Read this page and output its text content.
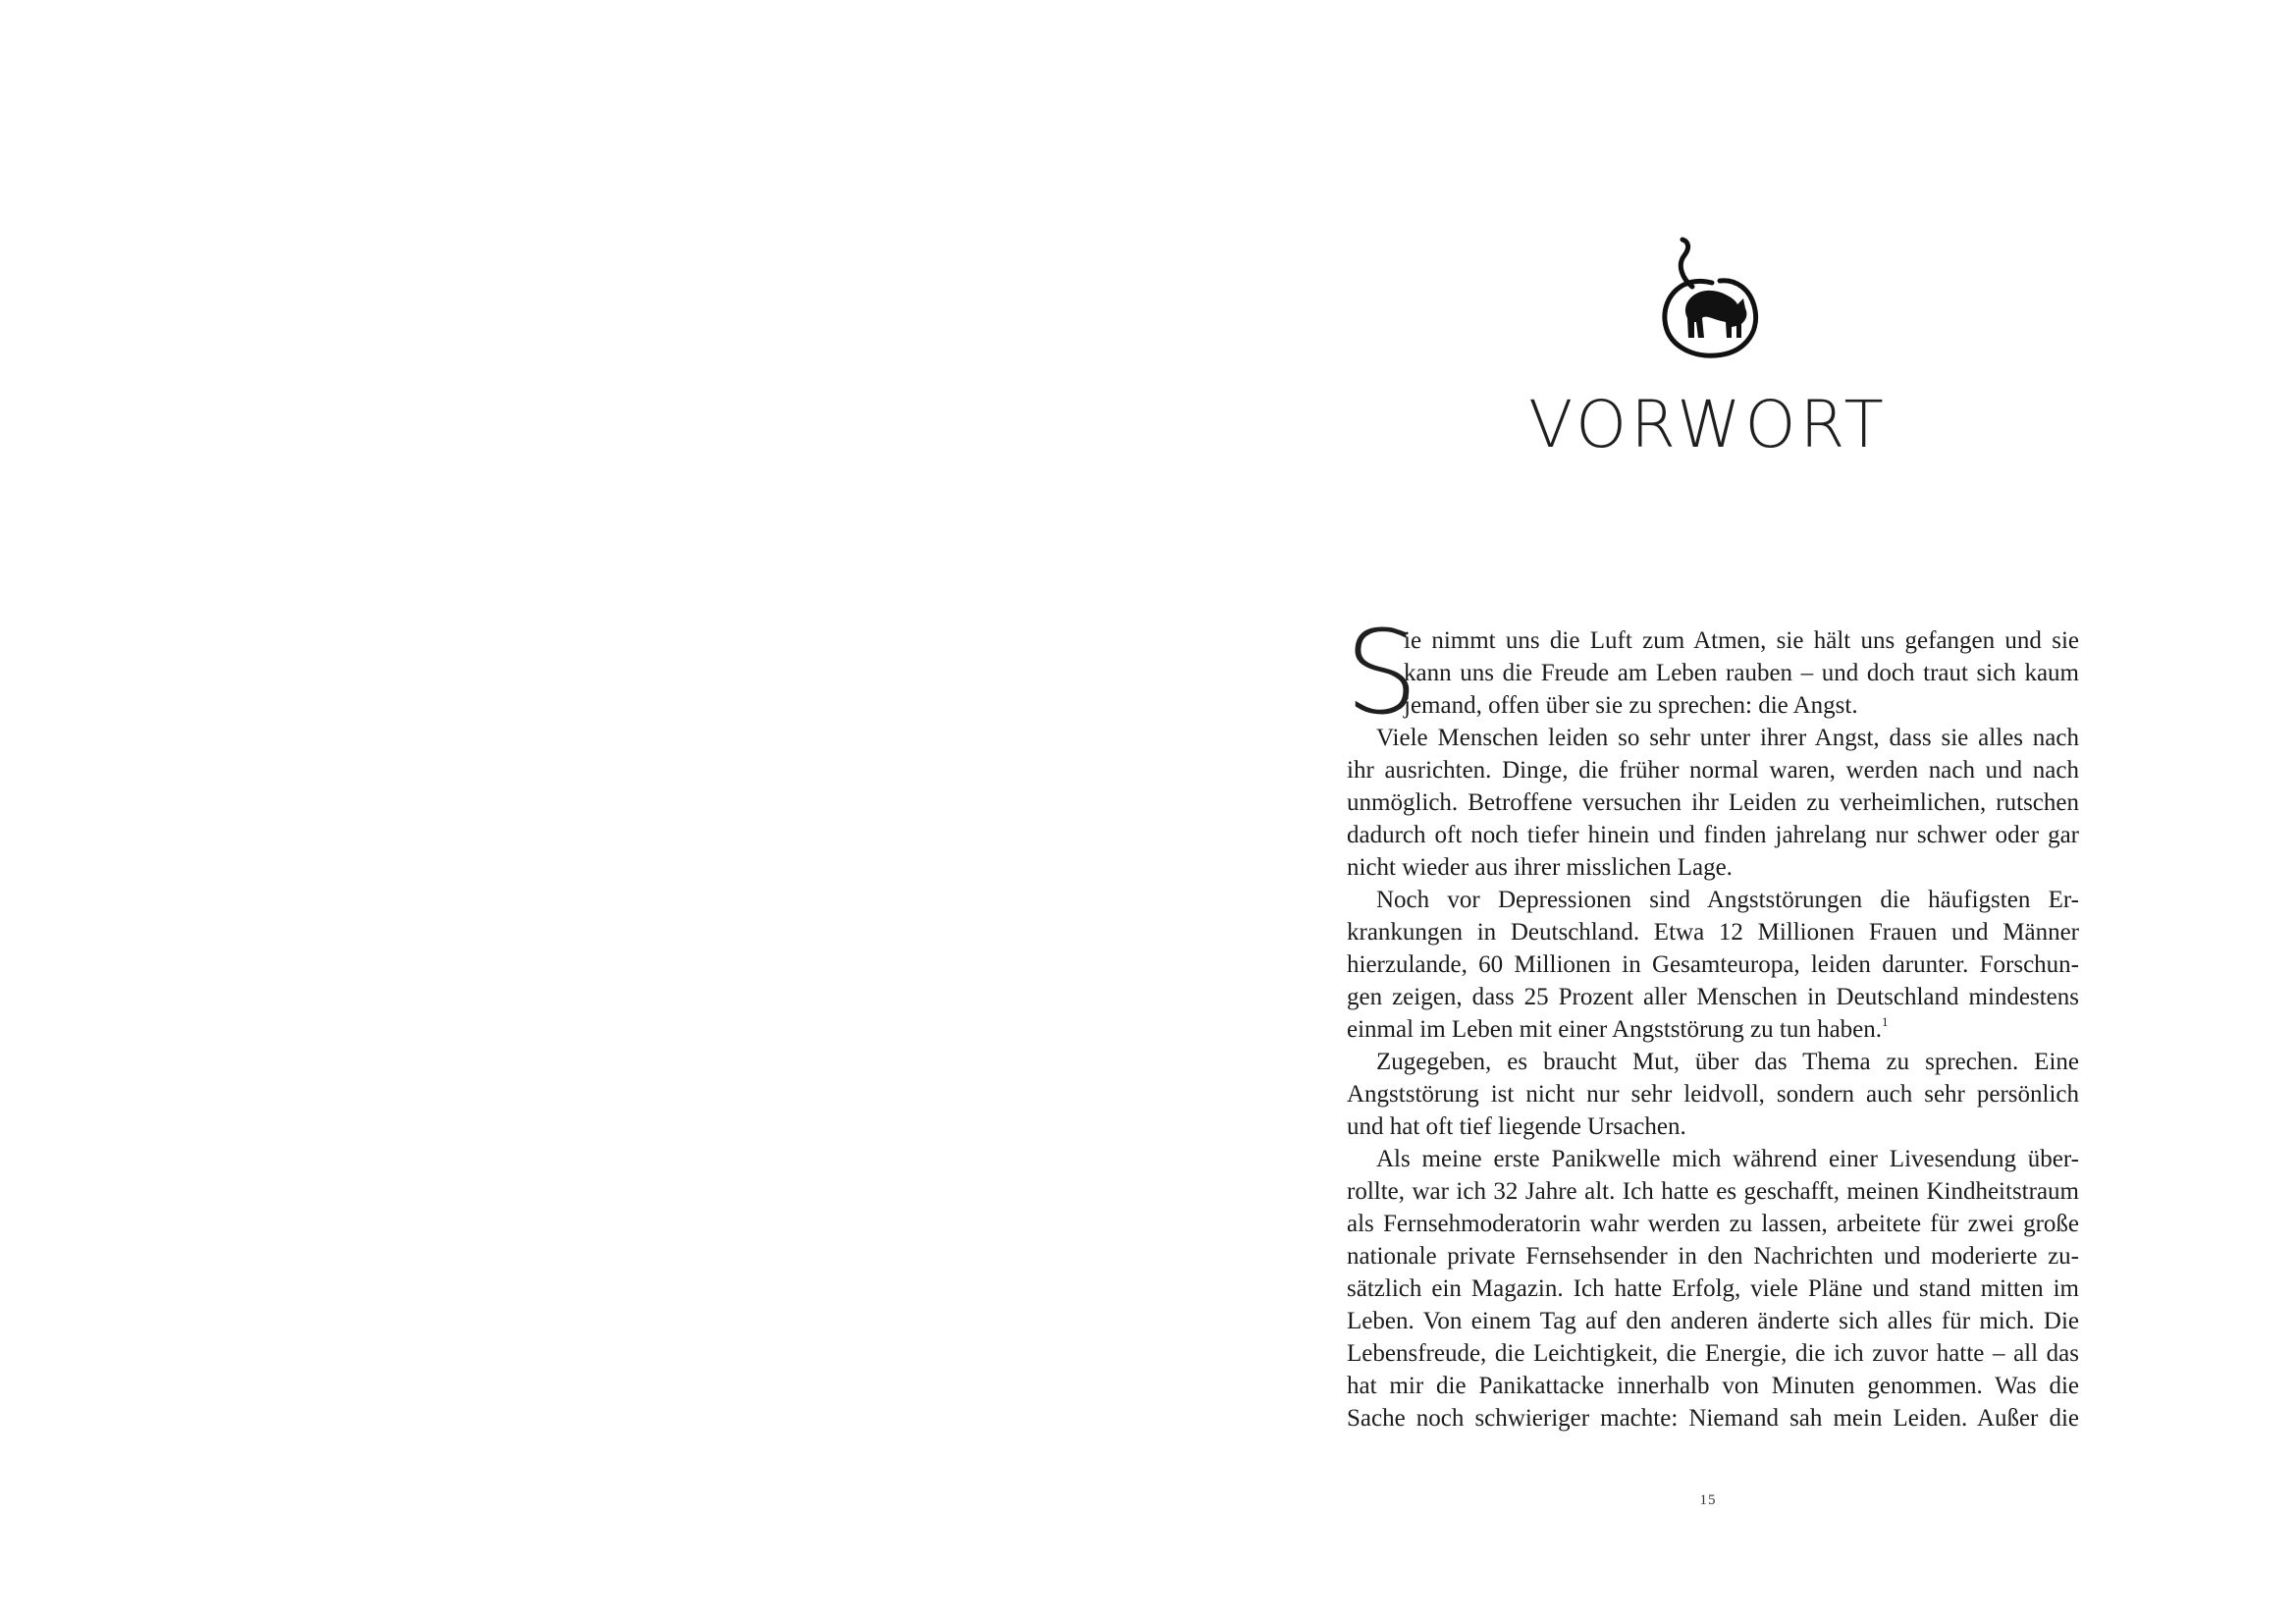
VORWORT
S
ie nimmt uns die Luft zum Atmen, sie hält uns gefangen und sie
kann uns die Freude am Leben rauben – und doch traut sich kaum
jemand, offen über sie zu sprechen: die Angst.
Viele Menschen leiden so sehr unter ihrer Angst, dass sie alles nach
ihr ausrichten. Dinge, die früher normal waren, werden nach und nach
unmöglich. Betroffene versuchen ihr Leiden zu verheimlichen, rutschen
dadurch oft noch tiefer hinein und finden jahrelang nur schwer oder gar
nicht wieder aus ihrer misslichen Lage.
Noch vor Depressionen sind Angststörungen die häufigsten Er-
krankungen in Deutschland. Etwa 12 Millionen Frauen und Männer
hierzulande, 60 Millionen in Gesamteuropa, leiden darunter. Forschun-
gen zeigen, dass 25 Prozent aller Menschen in Deutschland mindestens
einmal im Leben mit einer Angststörung zu tun haben.$^1$
Zugegeben, es braucht Mut, über das Thema zu sprechen. Eine
Angststörung ist nicht nur sehr leidvoll, sondern auch sehr persönlich
und hat oft tief liegende Ursachen.
Als meine erste Panikwelle mich während einer Livesendung über-
rollte, war ich 32 Jahre alt. Ich hatte es geschafft, meinen Kindheitstraum
als Fernsehmoderatorin wahr werden zu lassen, arbeitete für zwei große
nationale private Fernsehsender in den Nachrichten und moderierte zu-
sätzlich ein Magazin. Ich hatte Erfolg, viele Pläne und stand mitten im
Leben. Von einem Tag auf den anderen änderte sich alles für mich. Die
Lebensfreude, die Leichtigkeit, die Energie, die ich zuvor hatte – all das
hat mir die Panikattacke innerhalb von Minuten genommen. Was die
Sache noch schwieriger machte: Niemand sah mein Leiden. Außer die
15
